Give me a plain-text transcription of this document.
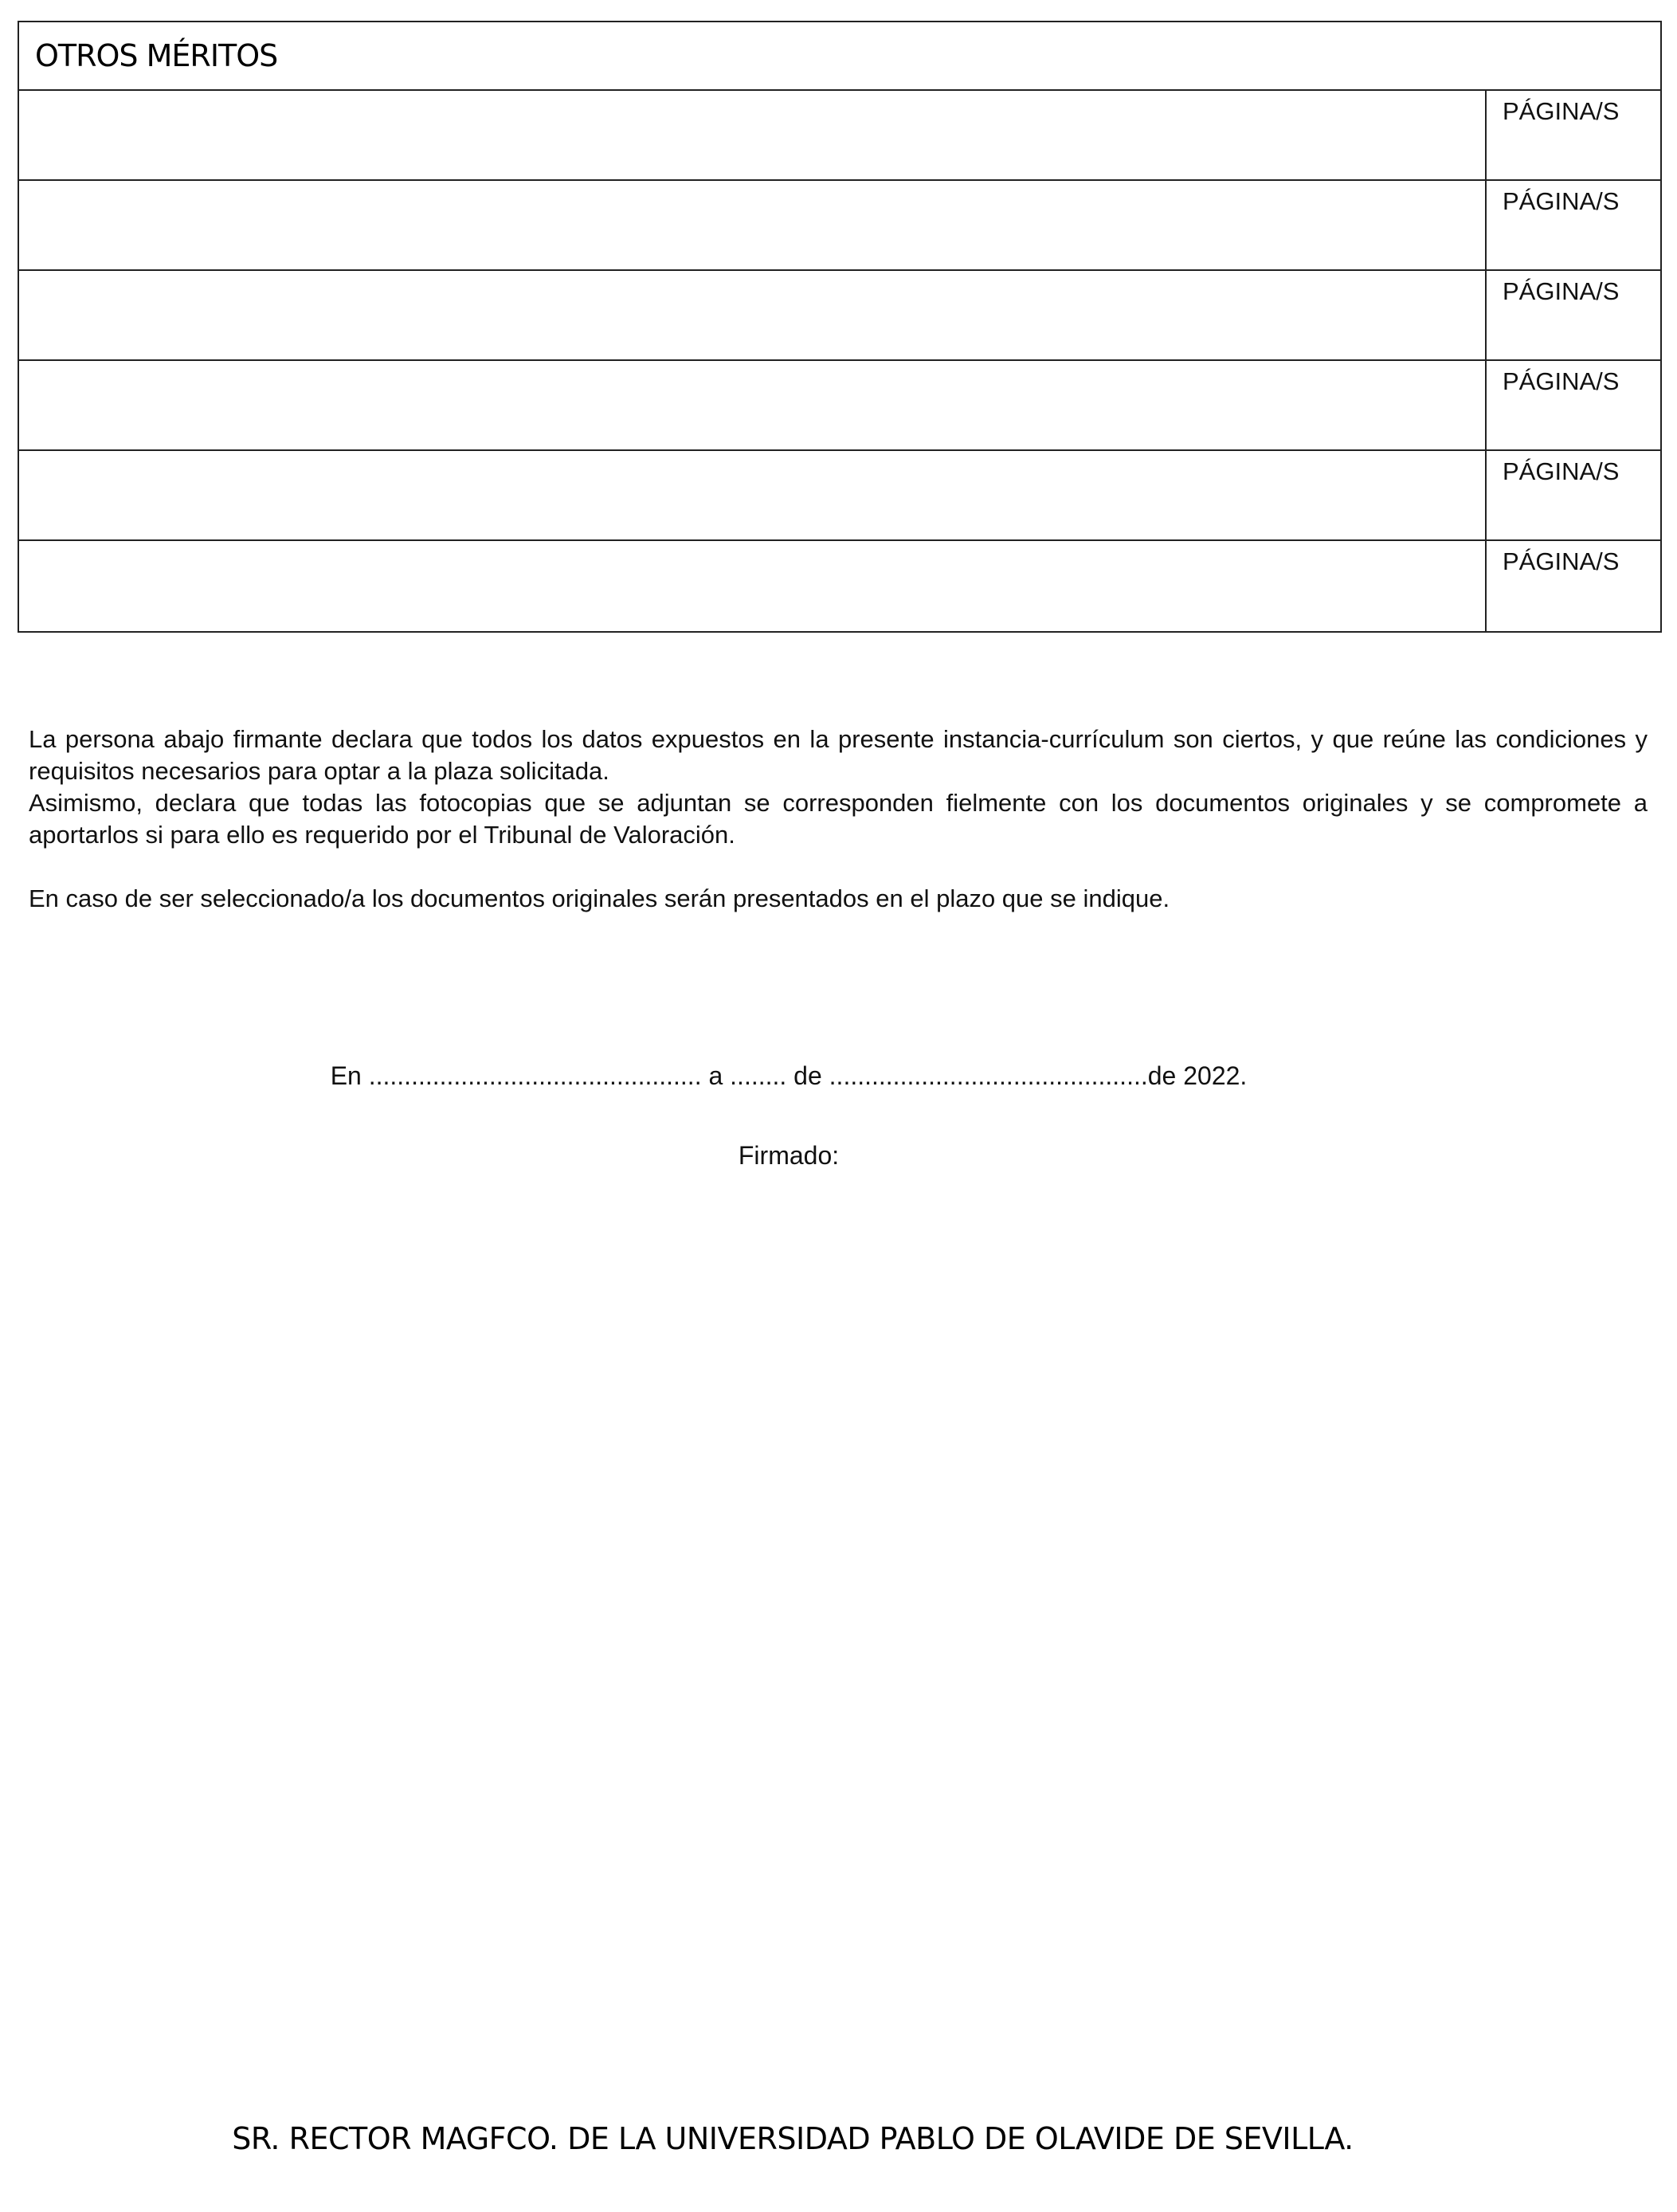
OTROS MÉRITOS
PÁGINA/S
PÁGINA/S
PÁGINA/S
PÁGINA/S
PÁGINA/S
PÁGINA/S

La persona abajo firmante declara que todos los datos expuestos en la presente instancia-currículum son ciertos, y que reúne las condiciones y requisitos necesarios para optar a la plaza solicitada.

Asimismo, declara que todas las fotocopias que se adjuntan se corresponden fielmente con los documentos originales y se compromete a aportarlos si para ello es requerido por el Tribunal de Valoración.

En caso de ser seleccionado/a los documentos originales serán presentados en el plazo que se indique.

En ............................................... a ........ de .............................................de 2022.
Firmado:
SR. RECTOR MAGFCO. DE LA UNIVERSIDAD PABLO DE OLAVIDE DE SEVILLA.
